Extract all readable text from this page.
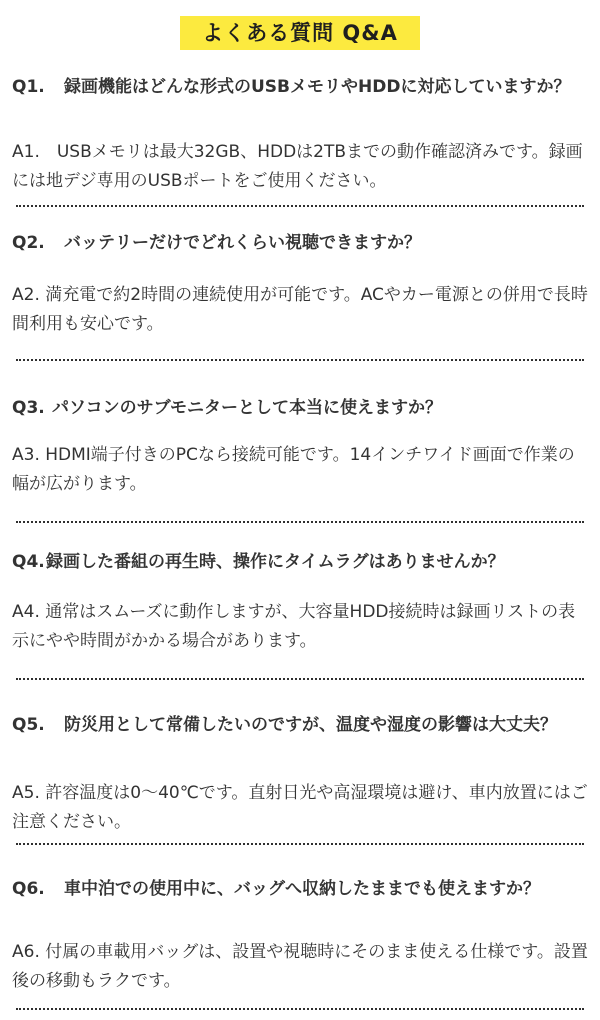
よくある質問 Q&A
Q1. 録画機能はどんな形式のUSBメモリやHDDに対応していますか？
A1.　USBメモリは最大32GB、HDDは2TBまでの動作確認済みです。録画には地デジ専用のUSBポートをご使用ください。
Q2. バッテリーだけでどれくらい視聴できますか？
A2. 満充電で約2時間の連続使用が可能です。ACやカー電源との併用で長時間利用も安心です。
Q3. パソコンのサブモニターとして本当に使えますか？
A3. HDMI端子付きのPCなら接続可能です。14インチワイド画面で作業の幅が広がります。
Q4. 録画した番組の再生時、操作にタイムラグはありませんか？
A4. 通常はスムーズに動作しますが、大容量HDD接続時は録画リストの表示にやや時間がかかる場合があります。
Q5. 防災用として常備したいのですが、温度や湿度の影響は大丈夫？
A5. 許容温度は0〜40℃です。直射日光や高湿環境は避け、車内放置にはご注意ください。
Q6. 車中泊での使用中に、バッグへ収納したままでも使えますか？
A6. 付属の車載用バッグは、設置や視聴時にそのまま使える仕様です。設置後の移動もラクです。
